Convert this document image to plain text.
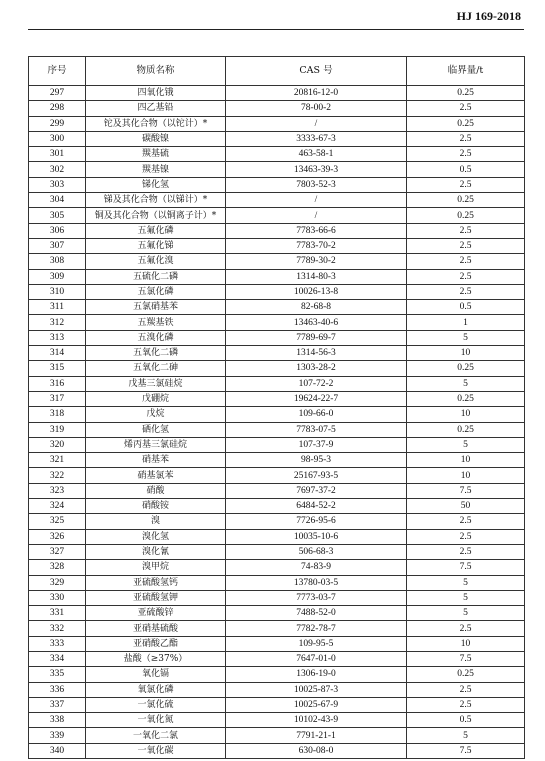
HJ 169-2018
序号	物质名称	CAS 号	临界量/t
297	四氧化锇	20816-12-0	0.25
298	四乙基铅	78-00-2	2.5
299	铊及其化合物（以铊计）*	/	0.25
300	碳酸镍	3333-67-3	2.5
301	羰基硫	463-58-1	2.5
302	羰基镍	13463-39-3	0.5
303	锑化氢	7803-52-3	2.5
304	锑及其化合物（以锑计）*	/	0.25
305	铜及其化合物（以铜离子计）*	/	0.25
306	五氟化磷	7783-66-6	2.5
307	五氟化锑	7783-70-2	2.5
308	五氟化溴	7789-30-2	2.5
309	五硫化二磷	1314-80-3	2.5
310	五氯化磷	10026-13-8	2.5
311	五氯硝基苯	82-68-8	0.5
312	五羰基铁	13463-40-6	1
313	五溴化磷	7789-69-7	5
314	五氧化二磷	1314-56-3	10
315	五氧化二砷	1303-28-2	0.25
316	戊基三氯硅烷	107-72-2	5
317	戊硼烷	19624-22-7	0.25
318	戊烷	109-66-0	10
319	硒化氢	7783-07-5	0.25
320	烯丙基三氯硅烷	107-37-9	5
321	硝基苯	98-95-3	10
322	硝基氯苯	25167-93-5	10
323	硝酸	7697-37-2	7.5
324	硝酸铵	6484-52-2	50
325	溴	7726-95-6	2.5
326	溴化氢	10035-10-6	2.5
327	溴化氰	506-68-3	2.5
328	溴甲烷	74-83-9	7.5
329	亚硫酸氢钙	13780-03-5	5
330	亚硫酸氢钾	7773-03-7	5
331	亚硫酸锌	7488-52-0	5
332	亚硝基硫酸	7782-78-7	2.5
333	亚硝酸乙酯	109-95-5	10
334	盐酸（≥37%）	7647-01-0	7.5
335	氧化镉	1306-19-0	0.25
336	氧氯化磷	10025-87-3	2.5
337	一氯化硫	10025-67-9	2.5
338	一氧化氮	10102-43-9	0.5
339	一氧化二氯	7791-21-1	5
340	一氧化碳	630-08-0	7.5
